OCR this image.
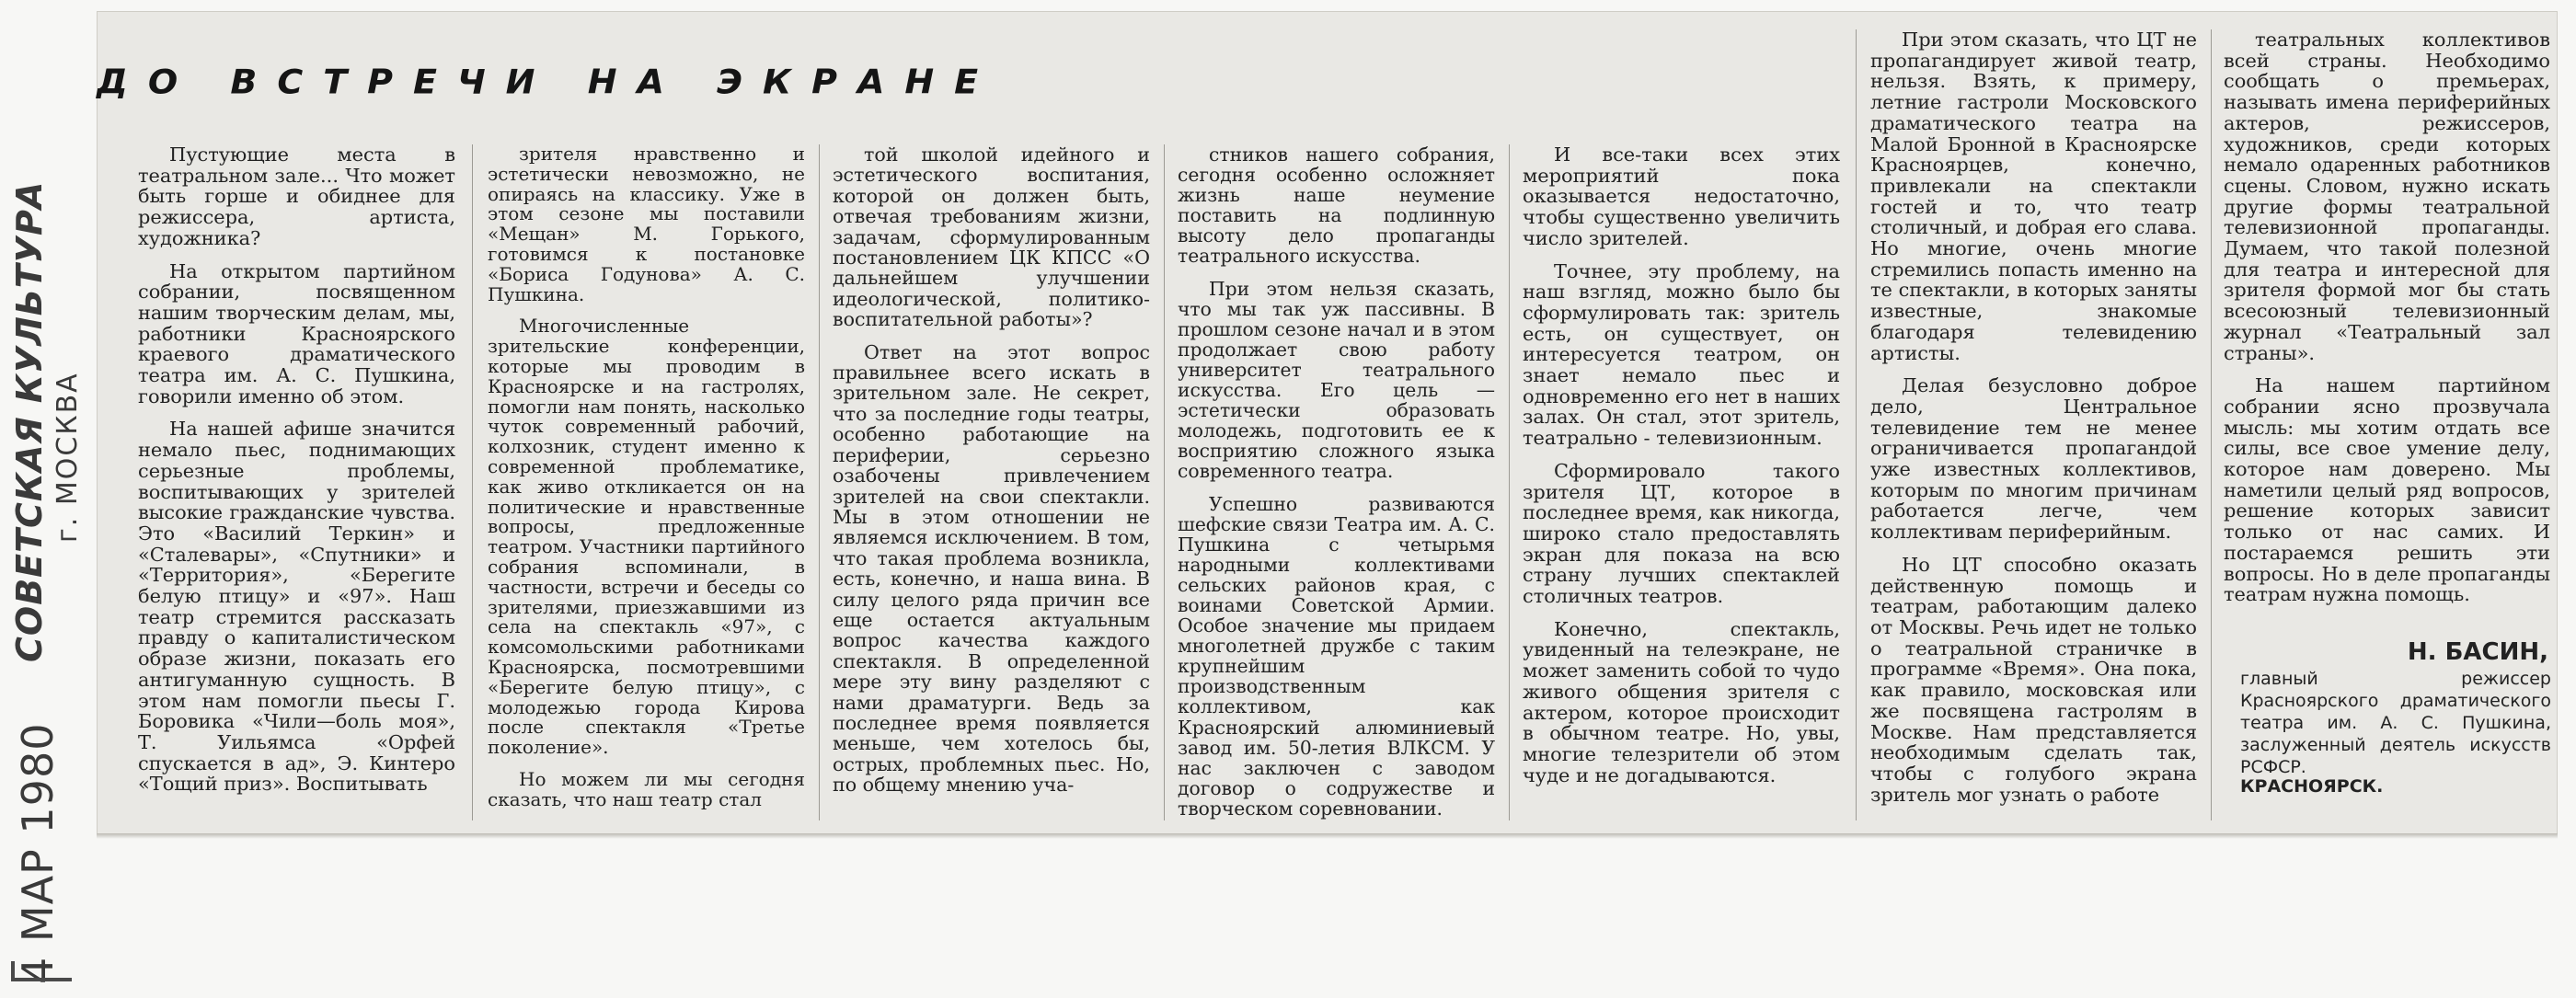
СОВЕТСКАЯ КУЛЬТУРА г. МОСКВА
4 МАР 1980
ДО ВСТРЕЧИ НА ЭКРАНЕ

Пустующие места в театральном зале... Что может быть горше и обиднее для режиссера, артиста, художника?

На открытом партийном собрании, посвященном нашим творческим делам, мы, работники Красноярского краевого драматического театра им. А. С. Пушкина, говорили именно об этом.

На нашей афише значится немало пьес, поднимающих серьезные проблемы, воспитывающих у зрителей высокие гражданские чувства. Это «Василий Теркин» и «Сталевары», «Спутники» и «Территория», «Берегите белую птицу» и «97». Наш театр стремится рассказать правду о капиталистическом образе жизни, показать его антигуманную сущность. В этом нам помогли пьесы Г. Боровика «Чили—боль моя», Т. Уильямса «Орфей спускается в ад», Э. Кинтеро «Тощий приз». Воспитывать

зрителя нравственно и эстетически невозможно, не опираясь на классику. Уже в этом сезоне мы поставили «Мещан» М. Горького, готовимся к постановке «Бориса Годунова» А. С. Пушкина.

Многочисленные зрительские конференции, которые мы проводим в Красноярске и на гастролях, помогли нам понять, насколько чуток современный рабочий, колхозник, студент именно к современной проблематике, как живо откликается он на политические и нравственные вопросы, предложенные театром. Участники партийного собрания вспоминали, в частности, встречи и беседы со зрителями, приезжавшими из села на спектакль «97», с комсомольскими работниками Красноярска, посмотревшими «Берегите белую птицу», с молодежью города Кирова после спектакля «Третье поколение».

Но можем ли мы сегодня сказать, что наш театр стал

той школой идейного и эстетического воспитания, которой он должен быть, отвечая требованиям жизни, задачам, сформулированным постановлением ЦК КПСС «О дальнейшем улучшении идеологической, политико-воспитательной работы»?

Ответ на этот вопрос правильнее всего искать в зрительном зале. Не секрет, что за последние годы театры, особенно работающие на периферии, серьезно озабочены привлечением зрителей на свои спектакли. Мы в этом отношении не являемся исключением. В том, что такая проблема возникла, есть, конечно, и наша вина. В силу целого ряда причин все еще остается актуальным вопрос качества каждого спектакля. В определенной мере эту вину разделяют с нами драматурги. Ведь за последнее время появляется меньше, чем хотелось бы, острых, проблемных пьес. Но, по общему мнению уча-

стников нашего собрания, сегодня особенно осложняет жизнь наше неумение поставить на подлинную высоту дело пропаганды театрального искусства.

При этом нельзя сказать, что мы так уж пассивны. В прошлом сезоне начал и в этом продолжает свою работу университет театрального искусства. Его цель — эстетически образовать молодежь, подготовить ее к восприятию сложного языка современного театра.

Успешно развиваются шефские связи Театра им. А. С. Пушкина с четырьмя народными коллективами сельских районов края, с воинами Советской Армии. Особое значение мы придаем многолетней дружбе с таким крупнейшим производственным коллективом, как Красноярский алюминиевый завод им. 50-летия ВЛКСМ. У нас заключен с заводом договор о содружестве и творческом соревновании.

И все-таки всех этих мероприятий пока оказывается недостаточно, чтобы существенно увеличить число зрителей.

Точнее, эту проблему, на наш взгляд, можно было бы сформулировать так: зритель есть, он существует, он интересуется театром, он знает немало пьес и одновременно его нет в наших залах. Он стал, этот зритель, театрально - телевизионным.

Сформировало такого зрителя ЦТ, которое в последнее время, как никогда, широко стало предоставлять экран для показа на всю страну лучших спектаклей столичных театров.

Конечно, спектакль, увиденный на телеэкране, не может заменить собой то чудо живого общения зрителя с актером, которое происходит в обычном театре. Но, увы, многие телезрители об этом чуде и не догадываются.

При этом сказать, что ЦТ не пропагандирует живой театр, нельзя. Взять, к примеру, летние гастроли Московского драматического театра на Малой Бронной в Красноярске Красноярцев, конечно, привлекали на спектакли гостей и то, что театр столичный, и добрая его слава. Но многие, очень многие стремились попасть именно на те спектакли, в которых заняты известные, знакомые благодаря телевидению артисты.

Делая безусловно доброе дело, Центральное телевидение тем не менее ограничивается пропагандой уже известных коллективов, которым по многим причинам работается легче, чем коллективам периферийным.

Но ЦТ способно оказать действенную помощь и театрам, работающим далеко от Москвы. Речь идет не только о театральной страничке в программе «Время». Она пока, как правило, московская или же посвящена гастролям в Москве. Нам представляется необходимым сделать так, чтобы с голубого экрана зритель мог узнать о работе

театральных коллективов всей страны. Необходимо сообщать о премьерах, называть имена периферийных актеров, режиссеров, художников, среди которых немало одаренных работников сцены. Словом, нужно искать другие формы театральной телевизионной пропаганды. Думаем, что такой полезной для театра и интересной для зрителя формой мог бы стать всесоюзный телевизионный журнал «Театральный зал страны».

На нашем партийном собрании ясно прозвучала мысль: мы хотим отдать все силы, все свое умение делу, которое нам доверено. Мы наметили целый ряд вопросов, решение которых зависит только от нас самих. И постараемся решить эти вопросы. Но в деле пропаганды театрам нужна помощь.

Н. БАСИН,
главный режиссер Красноярского драматического театра им. А. С. Пушкина, заслуженный деятель искусств РСФСР.
КРАСНОЯРСК.
